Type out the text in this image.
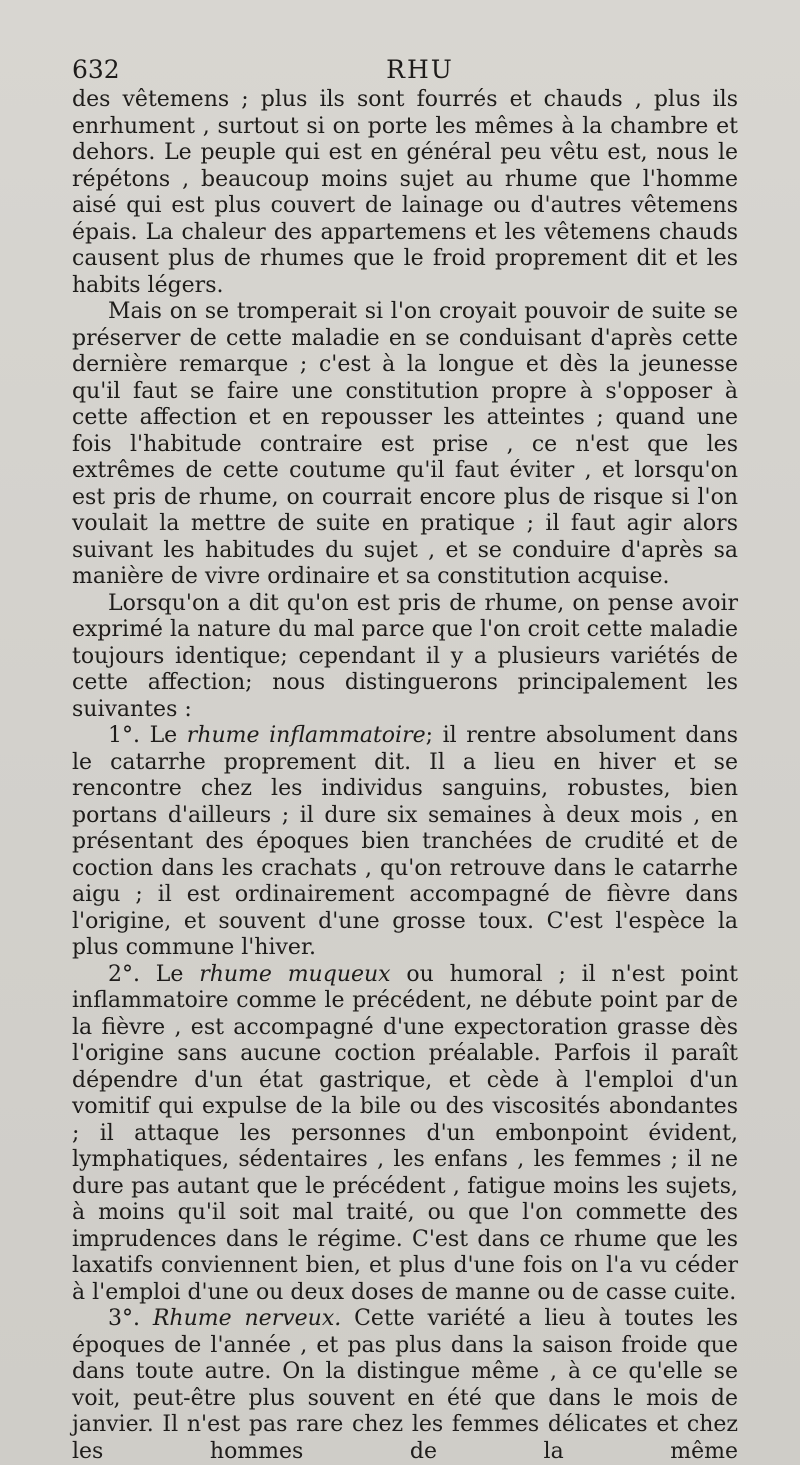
632	RHU

des vêtemens ; plus ils sont fourrés et chauds , plus ils enrhument , surtout si on porte les mêmes à la chambre et dehors. Le peuple qui est en général peu vêtu est, nous le répétons , beaucoup moins sujet au rhume que l'homme aisé qui est plus couvert de lainage ou d'autres vêtemens épais. La chaleur des appartemens et les vêtemens chauds causent plus de rhumes que le froid proprement dit et les habits légers.

Mais on se tromperait si l'on croyait pouvoir de suite se préserver de cette maladie en se conduisant d'après cette dernière remarque ; c'est à la longue et dès la jeunesse qu'il faut se faire une constitution propre à s'opposer à cette affection et en repousser les atteintes ; quand une fois l'habitude contraire est prise , ce n'est que les extrêmes de cette coutume qu'il faut éviter , et lorsqu'on est pris de rhume, on courrait encore plus de risque si l'on voulait la mettre de suite en pratique ; il faut agir alors suivant les habitudes du sujet , et se conduire d'après sa manière de vivre ordinaire et sa constitution acquise.

Lorsqu'on a dit qu'on est pris de rhume, on pense avoir exprimé la nature du mal parce que l'on croit cette maladie toujours identique; cependant il y a plusieurs variétés de cette affection; nous distinguerons principalement les suivantes :

1°. Le rhume inflammatoire; il rentre absolument dans le catarrhe proprement dit. Il a lieu en hiver et se rencontre chez les individus sanguins, robustes, bien portans d'ailleurs ; il dure six semaines à deux mois , en présentant des époques bien tranchées de crudité et de coction dans les crachats , qu'on retrouve dans le catarrhe aigu ; il est ordinairement accompagné de fièvre dans l'origine, et souvent d'une grosse toux. C'est l'espèce la plus commune l'hiver.

2°. Le rhume muqueux ou humoral ; il n'est point inflammatoire comme le précédent, ne débute point par de la fièvre , est accompagné d'une expectoration grasse dès l'origine sans aucune coction préalable. Parfois il paraît dépendre d'un état gastrique, et cède à l'emploi d'un vomitif qui expulse de la bile ou des viscosités abondantes ; il attaque les personnes d'un embonpoint évident, lymphatiques, sédentaires , les enfans , les femmes ; il ne dure pas autant que le précédent , fatigue moins les sujets, à moins qu'il soit mal traité, ou que l'on commette des imprudences dans le régime. C'est dans ce rhume que les laxatifs conviennent bien, et plus d'une fois on l'a vu céder à l'emploi d'une ou deux doses de manne ou de casse cuite.

3°. Rhume nerveux. Cette variété a lieu à toutes les époques de l'année , et pas plus dans la saison froide que dans toute autre. On la distingue même , à ce qu'elle se voit, peut-être plus souvent en été que dans le mois de janvier. Il n'est pas rare chez les femmes délicates et chez les hommes de la même
